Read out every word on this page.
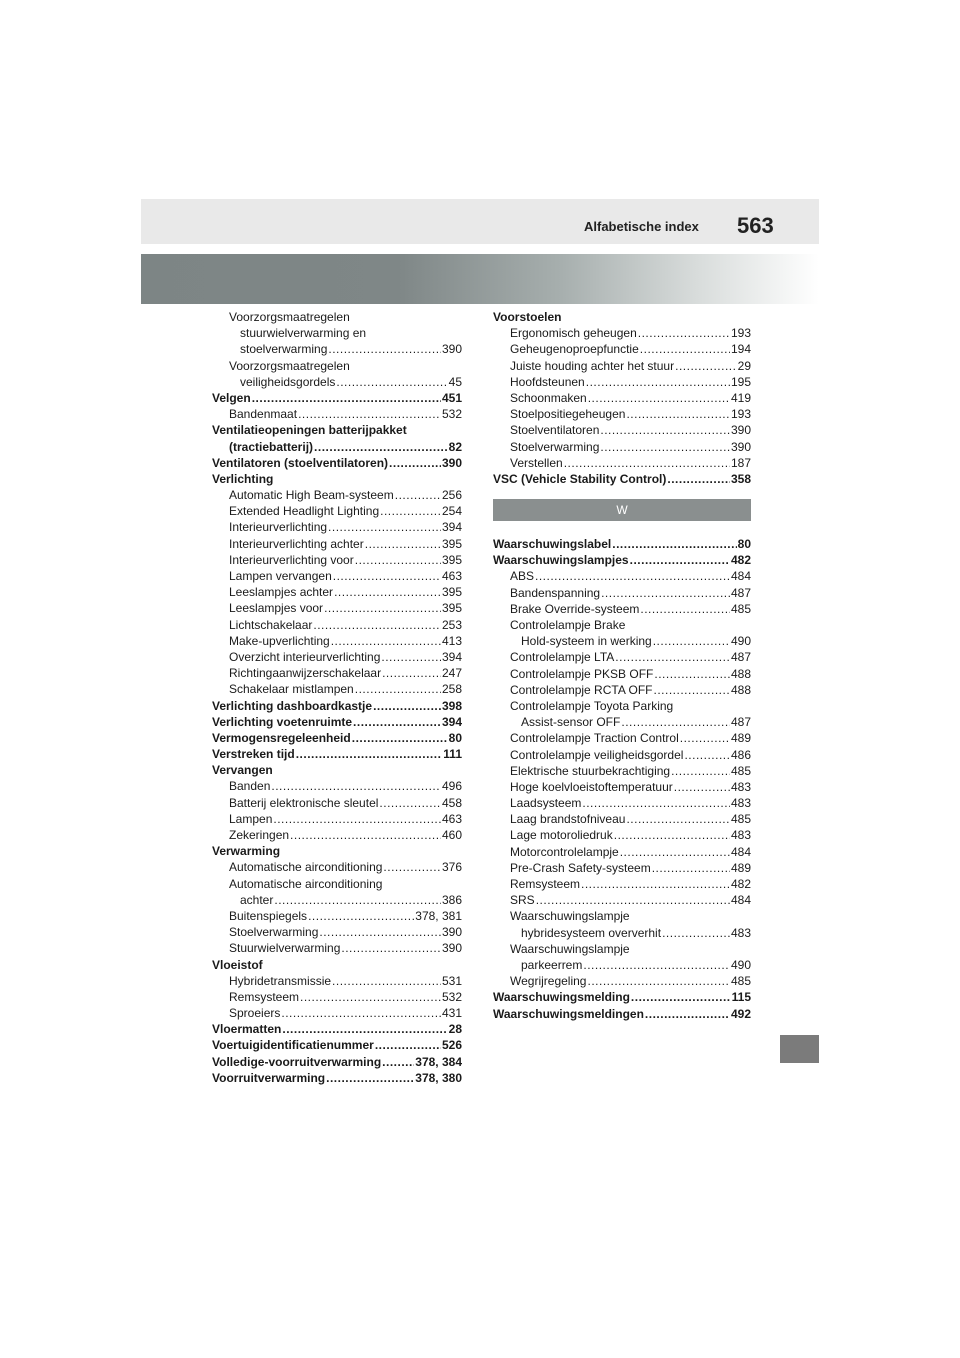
Alfabetische index 563
Voorzorgsmaatregelen
stuurwielverwarming en
stoelverwarming .....	390
Voorzorgsmaatregelen
veiligheidsgordels .....	45
Velgen .....	451
Bandenmaat .....	532
Ventilatieopeningen batterijpakket
(tractiebatterij) .....	82
Ventilatoren (stoelventilatoren) .....	390
Verlichting
Automatic High Beam-systeem .....	256
Extended Headlight Lighting .....	254
Interieurverlichting .....	394
Interieurverlichting achter .....	395
Interieurverlichting voor .....	395
Lampen vervangen .....	463
Leeslampjes achter .....	395
Leeslampjes voor .....	395
Lichtschakelaar .....	253
Make-upverlichting .....	413
Overzicht interieurverlichting .....	394
Richtingaanwijzerschakelaar .....	247
Schakelaar mistlampen .....	258
Verlichting dashboardkastje .....	398
Verlichting voetenruimte .....	394
Vermogensregeleenheid .....	80
Verstreken tijd .....	111
Vervangen
Banden .....	496
Batterij elektronische sleutel .....	458
Lampen .....	463
Zekeringen .....	460
Verwarming
Automatische airconditioning .....	376
Automatische airconditioning
achter .....	386
Buitenspiegels .....	378, 381
Stoelverwarming .....	390
Stuurwielverwarming .....	390
Vloeistof
Hybridetransmissie .....	531
Remsysteem .....	532
Sproeiers .....	431
Vloermatten .....	28
Voertuigidentificatienummer .....	526
Volledige-voorruitverwarming .....	378, 384
Voorruitverwarming .....	378, 380
Voorstoelen
Ergonomisch geheugen .....	193
Geheugenoproepfunctie .....	194
Juiste houding achter het stuur .....	29
Hoofdsteunen .....	195
Schoonmaken .....	419
Stoelpositiegeheugen .....	193
Stoelventilatoren .....	390
Stoelverwarming .....	390
Verstellen .....	187
VSC (Vehicle Stability Control) .....	358
W
Waarschuwingslabel .....	80
Waarschuwingslampjes .....	482
ABS .....	484
Bandenspanning .....	487
Brake Override-systeem .....	485
Controlelampje Brake
Hold-systeem in werking .....	490
Controlelampje LTA .....	487
Controlelampje PKSB OFF .....	488
Controlelampje RCTA OFF .....	488
Controlelampje Toyota Parking
Assist-sensor OFF .....	487
Controlelampje Traction Control .....	489
Controlelampje veiligheidsgordel .....	486
Elektrische stuurbekrachtiging .....	485
Hoge koelvloeistoftemperatuur .....	483
Laadsysteem .....	483
Laag brandstofniveau .....	485
Lage motoroliedruk .....	483
Motorcontrolelampje .....	484
Pre-Crash Safety-systeem .....	489
Remsysteem .....	482
SRS .....	484
Waarschuwingslampje
hybridesysteem oververhit .....	483
Waarschuwingslampje
parkeerrem .....	490
Wegrijregeling .....	485
Waarschuwingsmelding .....	115
Waarschuwingsmeldingen .....	492
